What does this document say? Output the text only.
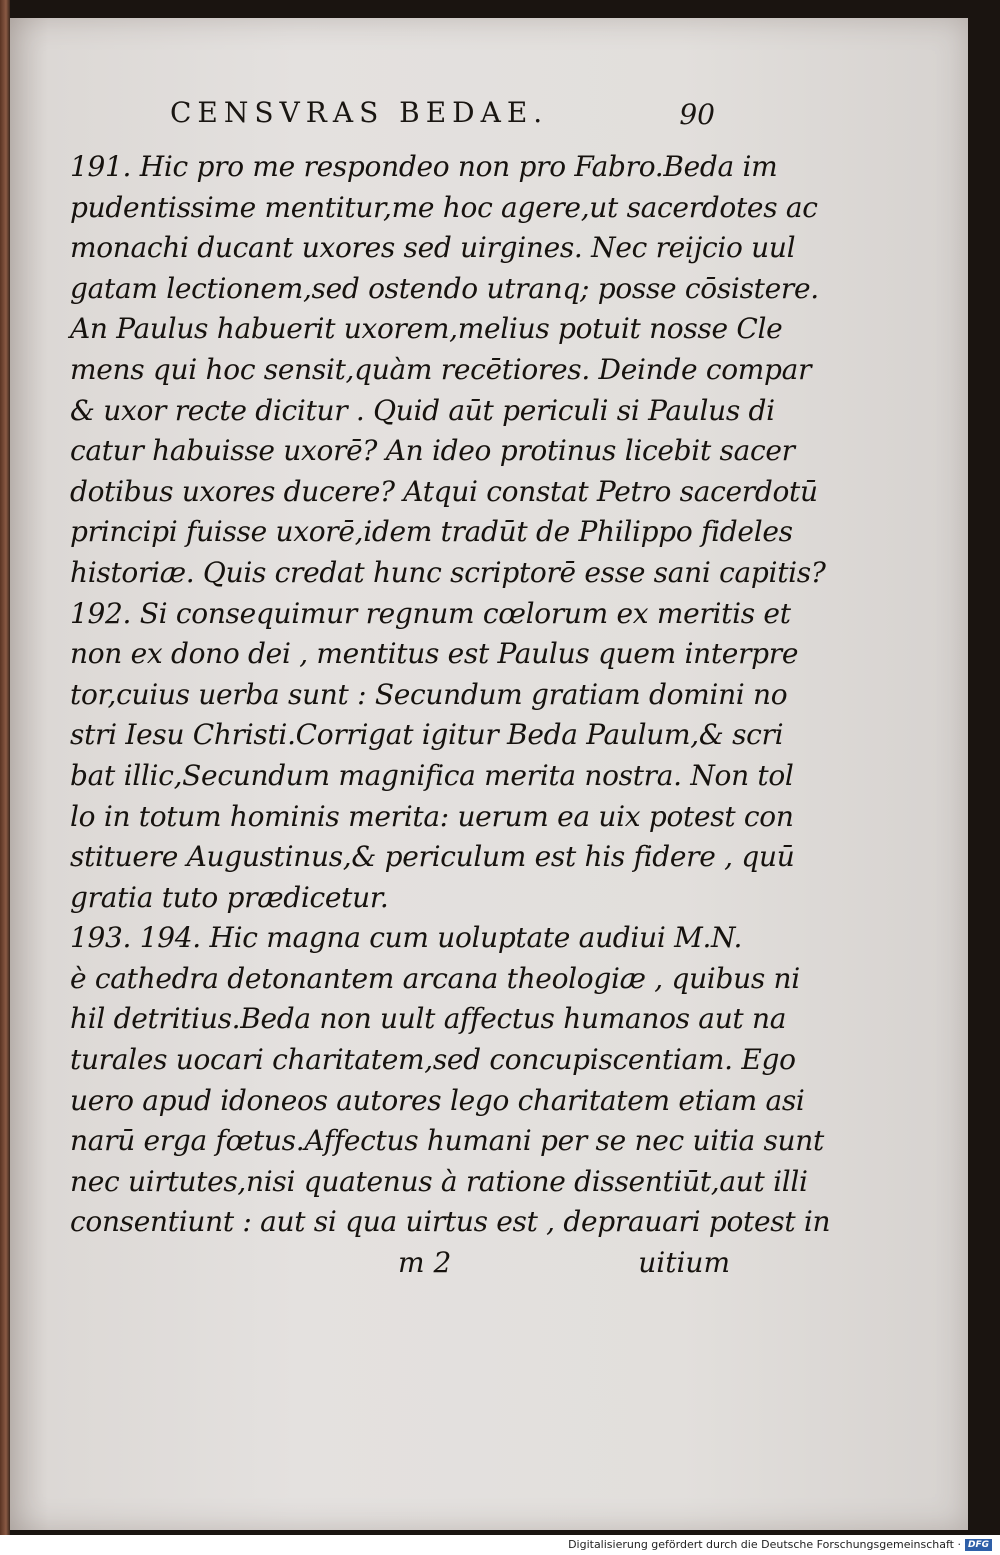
CENSVRAS BEDAE.	90
191. Hic pro me respondeo non pro Fabro.Beda im
pudentissime mentitur,me hoc agere,ut sacerdotes ac
monachi ducant uxores sed uirgines. Nec reijcio uul
gatam lectionem,sed ostendo utranq; posse cōsistere.
An Paulus habuerit uxorem,melius potuit nosse Cle
mens qui hoc sensit,quàm recētiores. Deinde compar
& uxor recte dicitur . Quid aūt periculi si Paulus di
catur habuisse uxorē? An ideo protinus licebit sacer
dotibus uxores ducere? Atqui constat Petro sacerdotū
principi fuisse uxorē,idem tradūt de Philippo fideles
historiæ. Quis credat hunc scriptorē esse sani capitis?
192. Si consequimur regnum cœlorum ex meritis et
non ex dono dei , mentitus est Paulus quem interpre
tor,cuius uerba sunt : Secundum gratiam domini no
stri Iesu Christi.Corrigat igitur Beda Paulum,& scri
bat illic,Secundum magnifica merita nostra. Non tol
lo in totum hominis merita: uerum ea uix potest con
stituere Augustinus,& periculum est his fidere , quū
gratia tuto prædicetur.
193. 194. Hic magna cum uoluptate audiui M.N.
è cathedra detonantem arcana theologiæ , quibus ni
hil detritius.Beda non uult affectus humanos aut na
turales uocari charitatem,sed concupiscentiam. Ego
uero apud idoneos autores lego charitatem etiam asi
narū erga fœtus.Affectus humani per se nec uitia sunt
nec uirtutes,nisi quatenus à ratione dissentiūt,aut illi
consentiunt : aut si qua uirtus est , deprauari potest in
m 2	uitium
Digitalisierung gefördert durch die Deutsche Forschungsgemeinschaft · DFG
